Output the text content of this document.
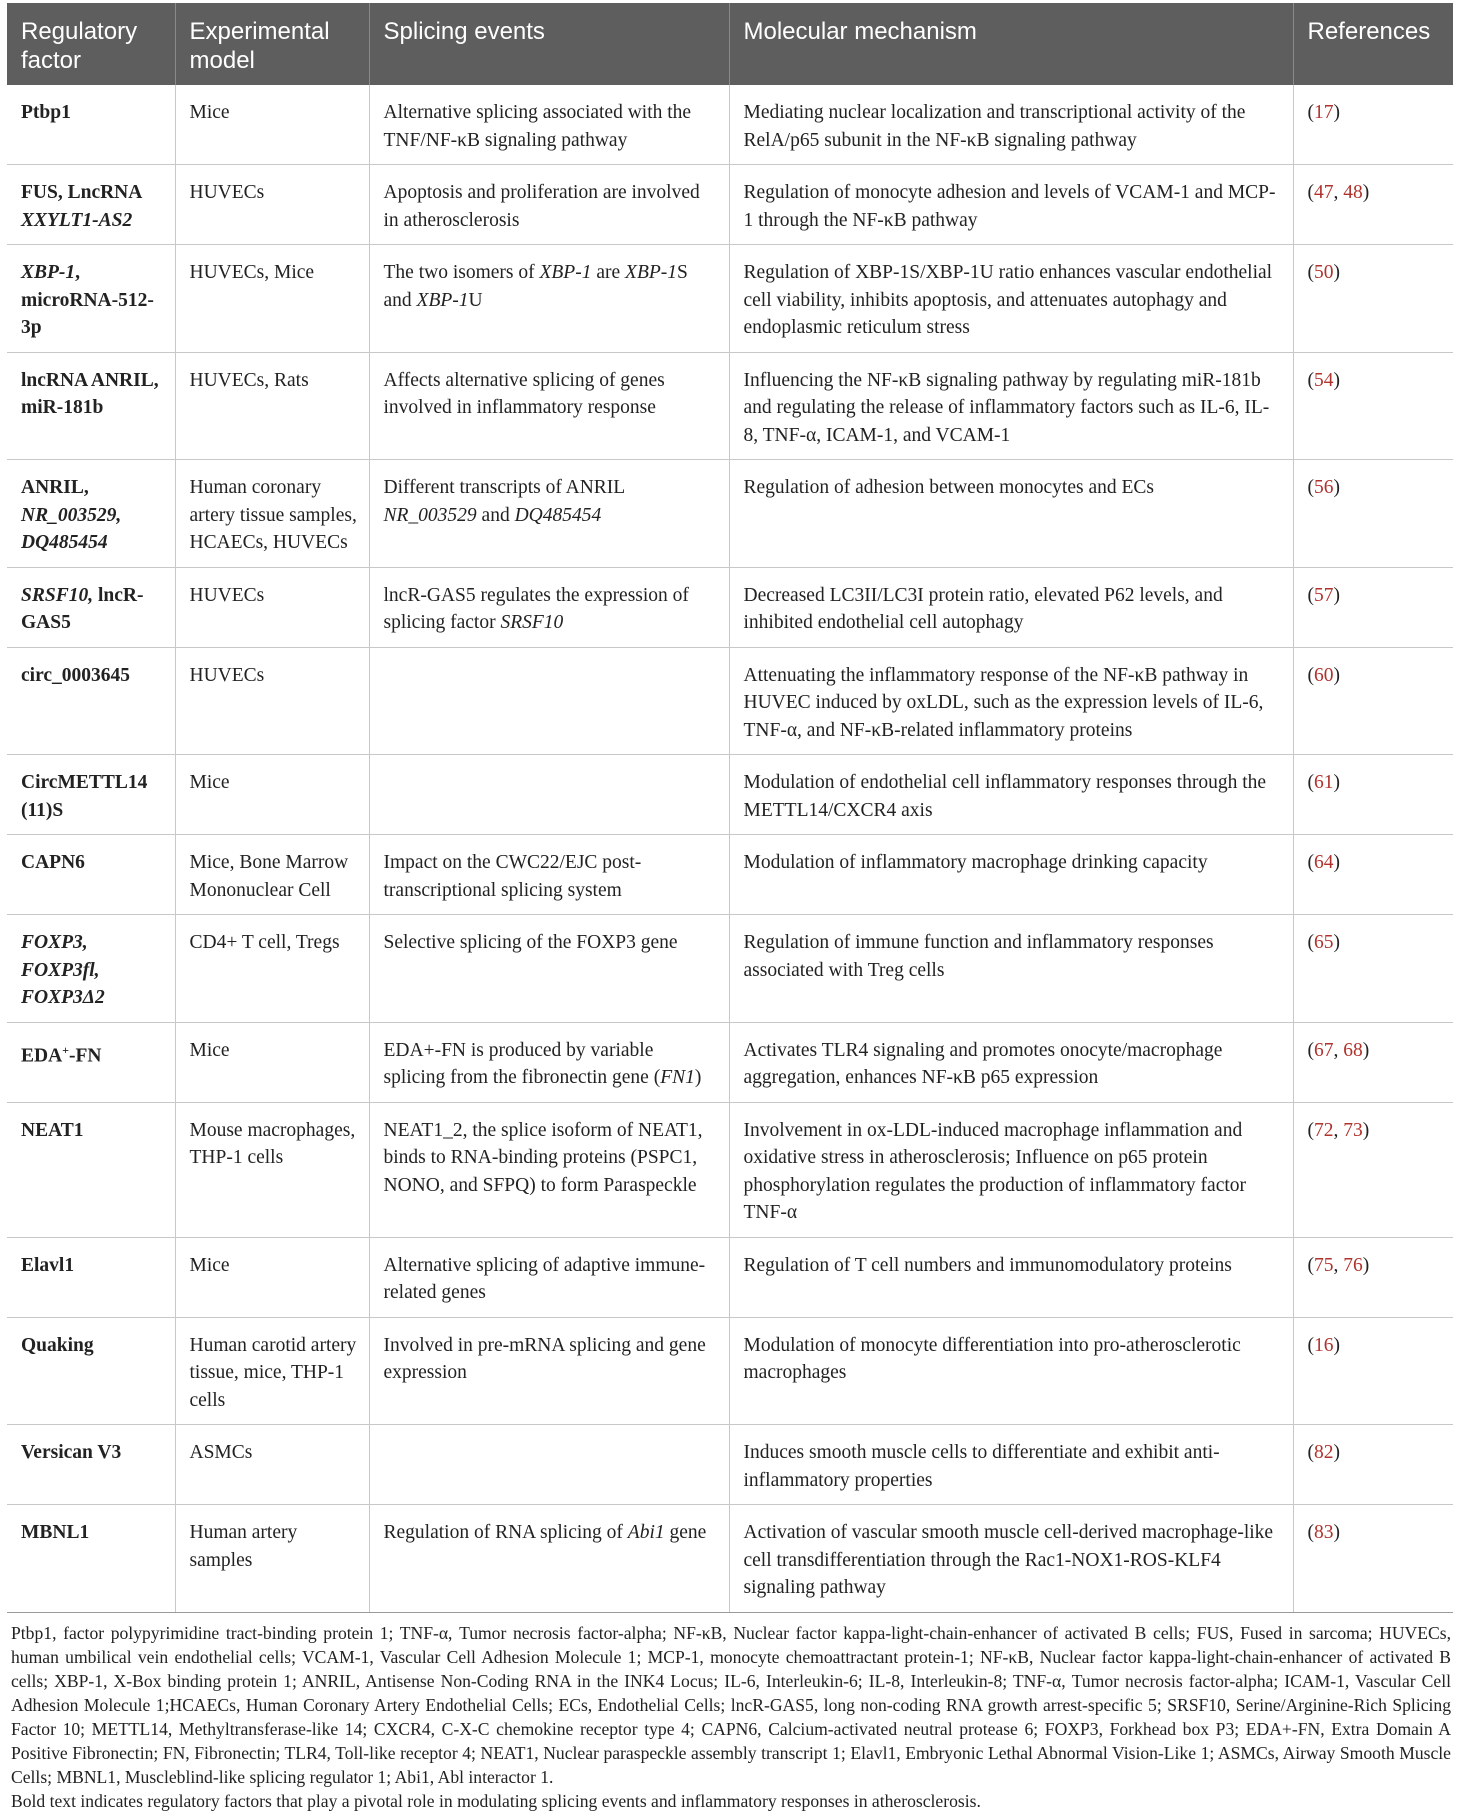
Regulatory factor	Experimental model	Splicing events	Molecular mechanism	References
Ptbp1	Mice	Alternative splicing associated with the TNF/NF-κB signaling pathway	Mediating nuclear localization and transcriptional activity of the RelA/p65 subunit in the NF-κB signaling pathway	(17)
FUS, LncRNA XXYLT1-AS2	HUVECs	Apoptosis and proliferation are involved in atherosclerosis	Regulation of monocyte adhesion and levels of VCAM-1 and MCP-1 through the NF-κB pathway	(47, 48)
XBP-1, microRNA-512-3p	HUVECs, Mice	The two isomers of XBP-1 are XBP-1S and XBP-1U	Regulation of XBP-1S/XBP-1U ratio enhances vascular endothelial cell viability, inhibits apoptosis, and attenuates autophagy and endoplasmic reticulum stress	(50)
lncRNA ANRIL, miR-181b	HUVECs, Rats	Affects alternative splicing of genes involved in inflammatory response	Influencing the NF-κB signaling pathway by regulating miR-181b and regulating the release of inflammatory factors such as IL-6, IL-8, TNF-α, ICAM-1, and VCAM-1	(54)
ANRIL, NR_003529, DQ485454	Human coronary artery tissue samples, HCAECs, HUVECs	Different transcripts of ANRIL NR_003529 and DQ485454	Regulation of adhesion between monocytes and ECs	(56)
SRSF10, lncR-GAS5	HUVECs	lncR-GAS5 regulates the expression of splicing factor SRSF10	Decreased LC3II/LC3I protein ratio, elevated P62 levels, and inhibited endothelial cell autophagy	(57)
circ_0003645	HUVECs		Attenuating the inflammatory response of the NF-κB pathway in HUVEC induced by oxLDL, such as the expression levels of IL-6, TNF-α, and NF-κB-related inflammatory proteins	(60)
CircMETTL14 (11)S	Mice		Modulation of endothelial cell inflammatory responses through the METTL14/CXCR4 axis	(61)
CAPN6	Mice, Bone Marrow Mononuclear Cell	Impact on the CWC22/EJC post-transcriptional splicing system	Modulation of inflammatory macrophage drinking capacity	(64)
FOXP3, FOXP3fl, FOXP3Δ2	CD4+ T cell, Tregs	Selective splicing of the FOXP3 gene	Regulation of immune function and inflammatory responses associated with Treg cells	(65)
EDA+-FN	Mice	EDA+-FN is produced by variable splicing from the fibronectin gene (FN1)	Activates TLR4 signaling and promotes onocyte/macrophage aggregation, enhances NF-κB p65 expression	(67, 68)
NEAT1	Mouse macrophages, THP-1 cells	NEAT1_2, the splice isoform of NEAT1, binds to RNA-binding proteins (PSPC1, NONO, and SFPQ) to form Paraspeckle	Involvement in ox-LDL-induced macrophage inflammation and oxidative stress in atherosclerosis; Influence on p65 protein phosphorylation regulates the production of inflammatory factor TNF-α	(72, 73)
Elavl1	Mice	Alternative splicing of adaptive immune-related genes	Regulation of T cell numbers and immunomodulatory proteins	(75, 76)
Quaking	Human carotid artery tissue, mice, THP-1 cells	Involved in pre-mRNA splicing and gene expression	Modulation of monocyte differentiation into pro-atherosclerotic macrophages	(16)
Versican V3	ASMCs		Induces smooth muscle cells to differentiate and exhibit anti-inflammatory properties	(82)
MBNL1	Human artery samples	Regulation of RNA splicing of Abi1 gene	Activation of vascular smooth muscle cell-derived macrophage-like cell transdifferentiation through the Rac1-NOX1-ROS-KLF4 signaling pathway	(83)
Ptbp1, factor polypyrimidine tract-binding protein 1; TNF-α, Tumor necrosis factor-alpha; NF-κB, Nuclear factor kappa-light-chain-enhancer of activated B cells; FUS, Fused in sarcoma; HUVECs, human umbilical vein endothelial cells; VCAM-1, Vascular Cell Adhesion Molecule 1; MCP-1, monocyte chemoattractant protein-1; NF-κB, Nuclear factor kappa-light-chain-enhancer of activated B cells; XBP-1, X-Box binding protein 1; ANRIL, Antisense Non-Coding RNA in the INK4 Locus; IL-6, Interleukin-6; IL-8, Interleukin-8; TNF-α, Tumor necrosis factor-alpha; ICAM-1, Vascular Cell Adhesion Molecule 1;HCAECs, Human Coronary Artery Endothelial Cells; ECs, Endothelial Cells; lncR-GAS5, long non-coding RNA growth arrest-specific 5; SRSF10, Serine/Arginine-Rich Splicing Factor 10; METTL14, Methyltransferase-like 14; CXCR4, C-X-C chemokine receptor type 4; CAPN6, Calcium-activated neutral protease 6; FOXP3, Forkhead box P3; EDA+-FN, Extra Domain A Positive Fibronectin; FN, Fibronectin; TLR4, Toll-like receptor 4; NEAT1, Nuclear paraspeckle assembly transcript 1; Elavl1, Embryonic Lethal Abnormal Vision-Like 1; ASMCs, Airway Smooth Muscle Cells; MBNL1, Muscleblind-like splicing regulator 1; Abi1, Abl interactor 1.
Bold text indicates regulatory factors that play a pivotal role in modulating splicing events and inflammatory responses in atherosclerosis.
